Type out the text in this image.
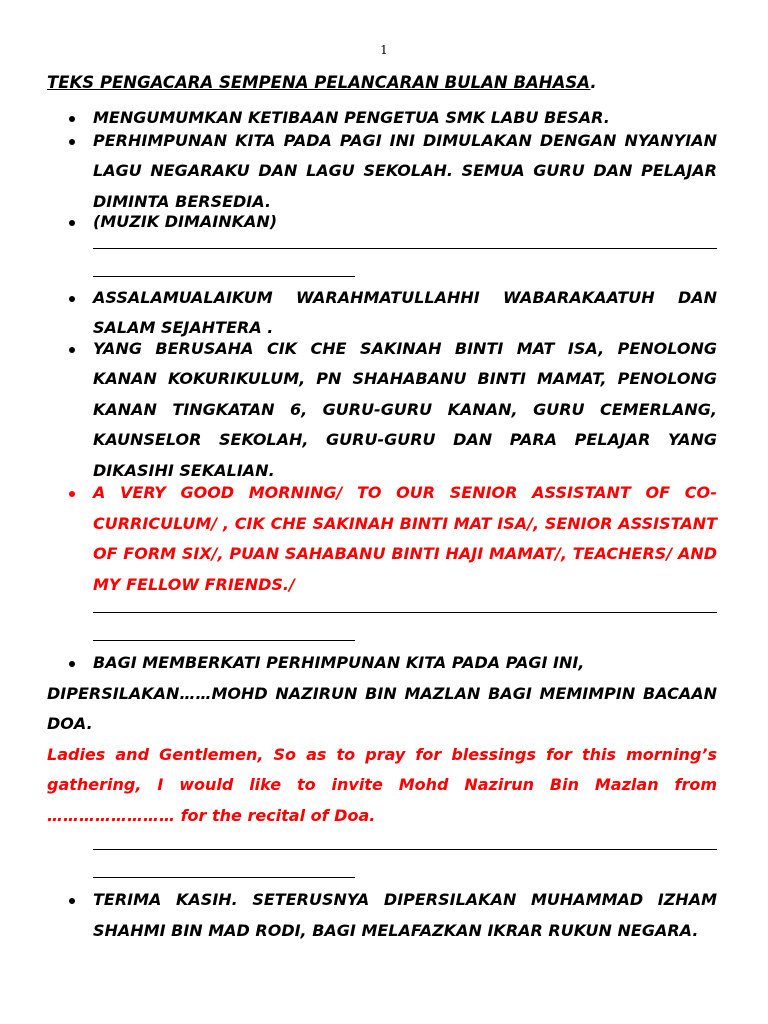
1
TEKS PENGACARA SEMPENA PELANCARAN BULAN BAHASA.
MENGUMUMKAN KETIBAAN PENGETUA SMK LABU BESAR.
PERHIMPUNAN KITA PADA PAGI INI DIMULAKAN DENGAN NYANYIAN LAGU NEGARAKU DAN LAGU SEKOLAH. SEMUA GURU DAN PELAJAR DIMINTA BERSEDIA.
(MUZIK DIMAINKAN)
ASSALAMUALAIKUM WARAHMATULLAHHI WABARAKAATUH DAN SALAM SEJAHTERA .
YANG BERUSAHA CIK CHE SAKINAH BINTI MAT ISA, PENOLONG KANAN KOKURIKULUM, PN SHAHABANU BINTI MAMAT, PENOLONG KANAN TINGKATAN 6, GURU-GURU KANAN, GURU CEMERLANG, KAUNSELOR SEKOLAH, GURU-GURU DAN PARA PELAJAR YANG DIKASIHI SEKALIAN.
A VERY GOOD MORNING/ TO OUR SENIOR ASSISTANT OF CO-CURRICULUM/ , CIK CHE SAKINAH BINTI MAT ISA/, SENIOR ASSISTANT OF FORM SIX/, PUAN SAHABANU BINTI HAJI MAMAT/, TEACHERS/ AND MY FELLOW FRIENDS./
BAGI MEMBERKATI PERHIMPUNAN KITA PADA PAGI INI,
DIPERSILAKAN……MOHD NAZIRUN BIN MAZLAN BAGI MEMIMPIN BACAAN DOA.
Ladies and Gentlemen, So as to pray for blessings for this morning’s gathering, I would like to invite Mohd Nazirun Bin Mazlan from …………………… for the recital of Doa.
TERIMA KASIH. SETERUSNYA DIPERSILAKAN MUHAMMAD IZHAM SHAHMI BIN MAD RODI, BAGI MELAFAZKAN IKRAR RUKUN NEGARA.
